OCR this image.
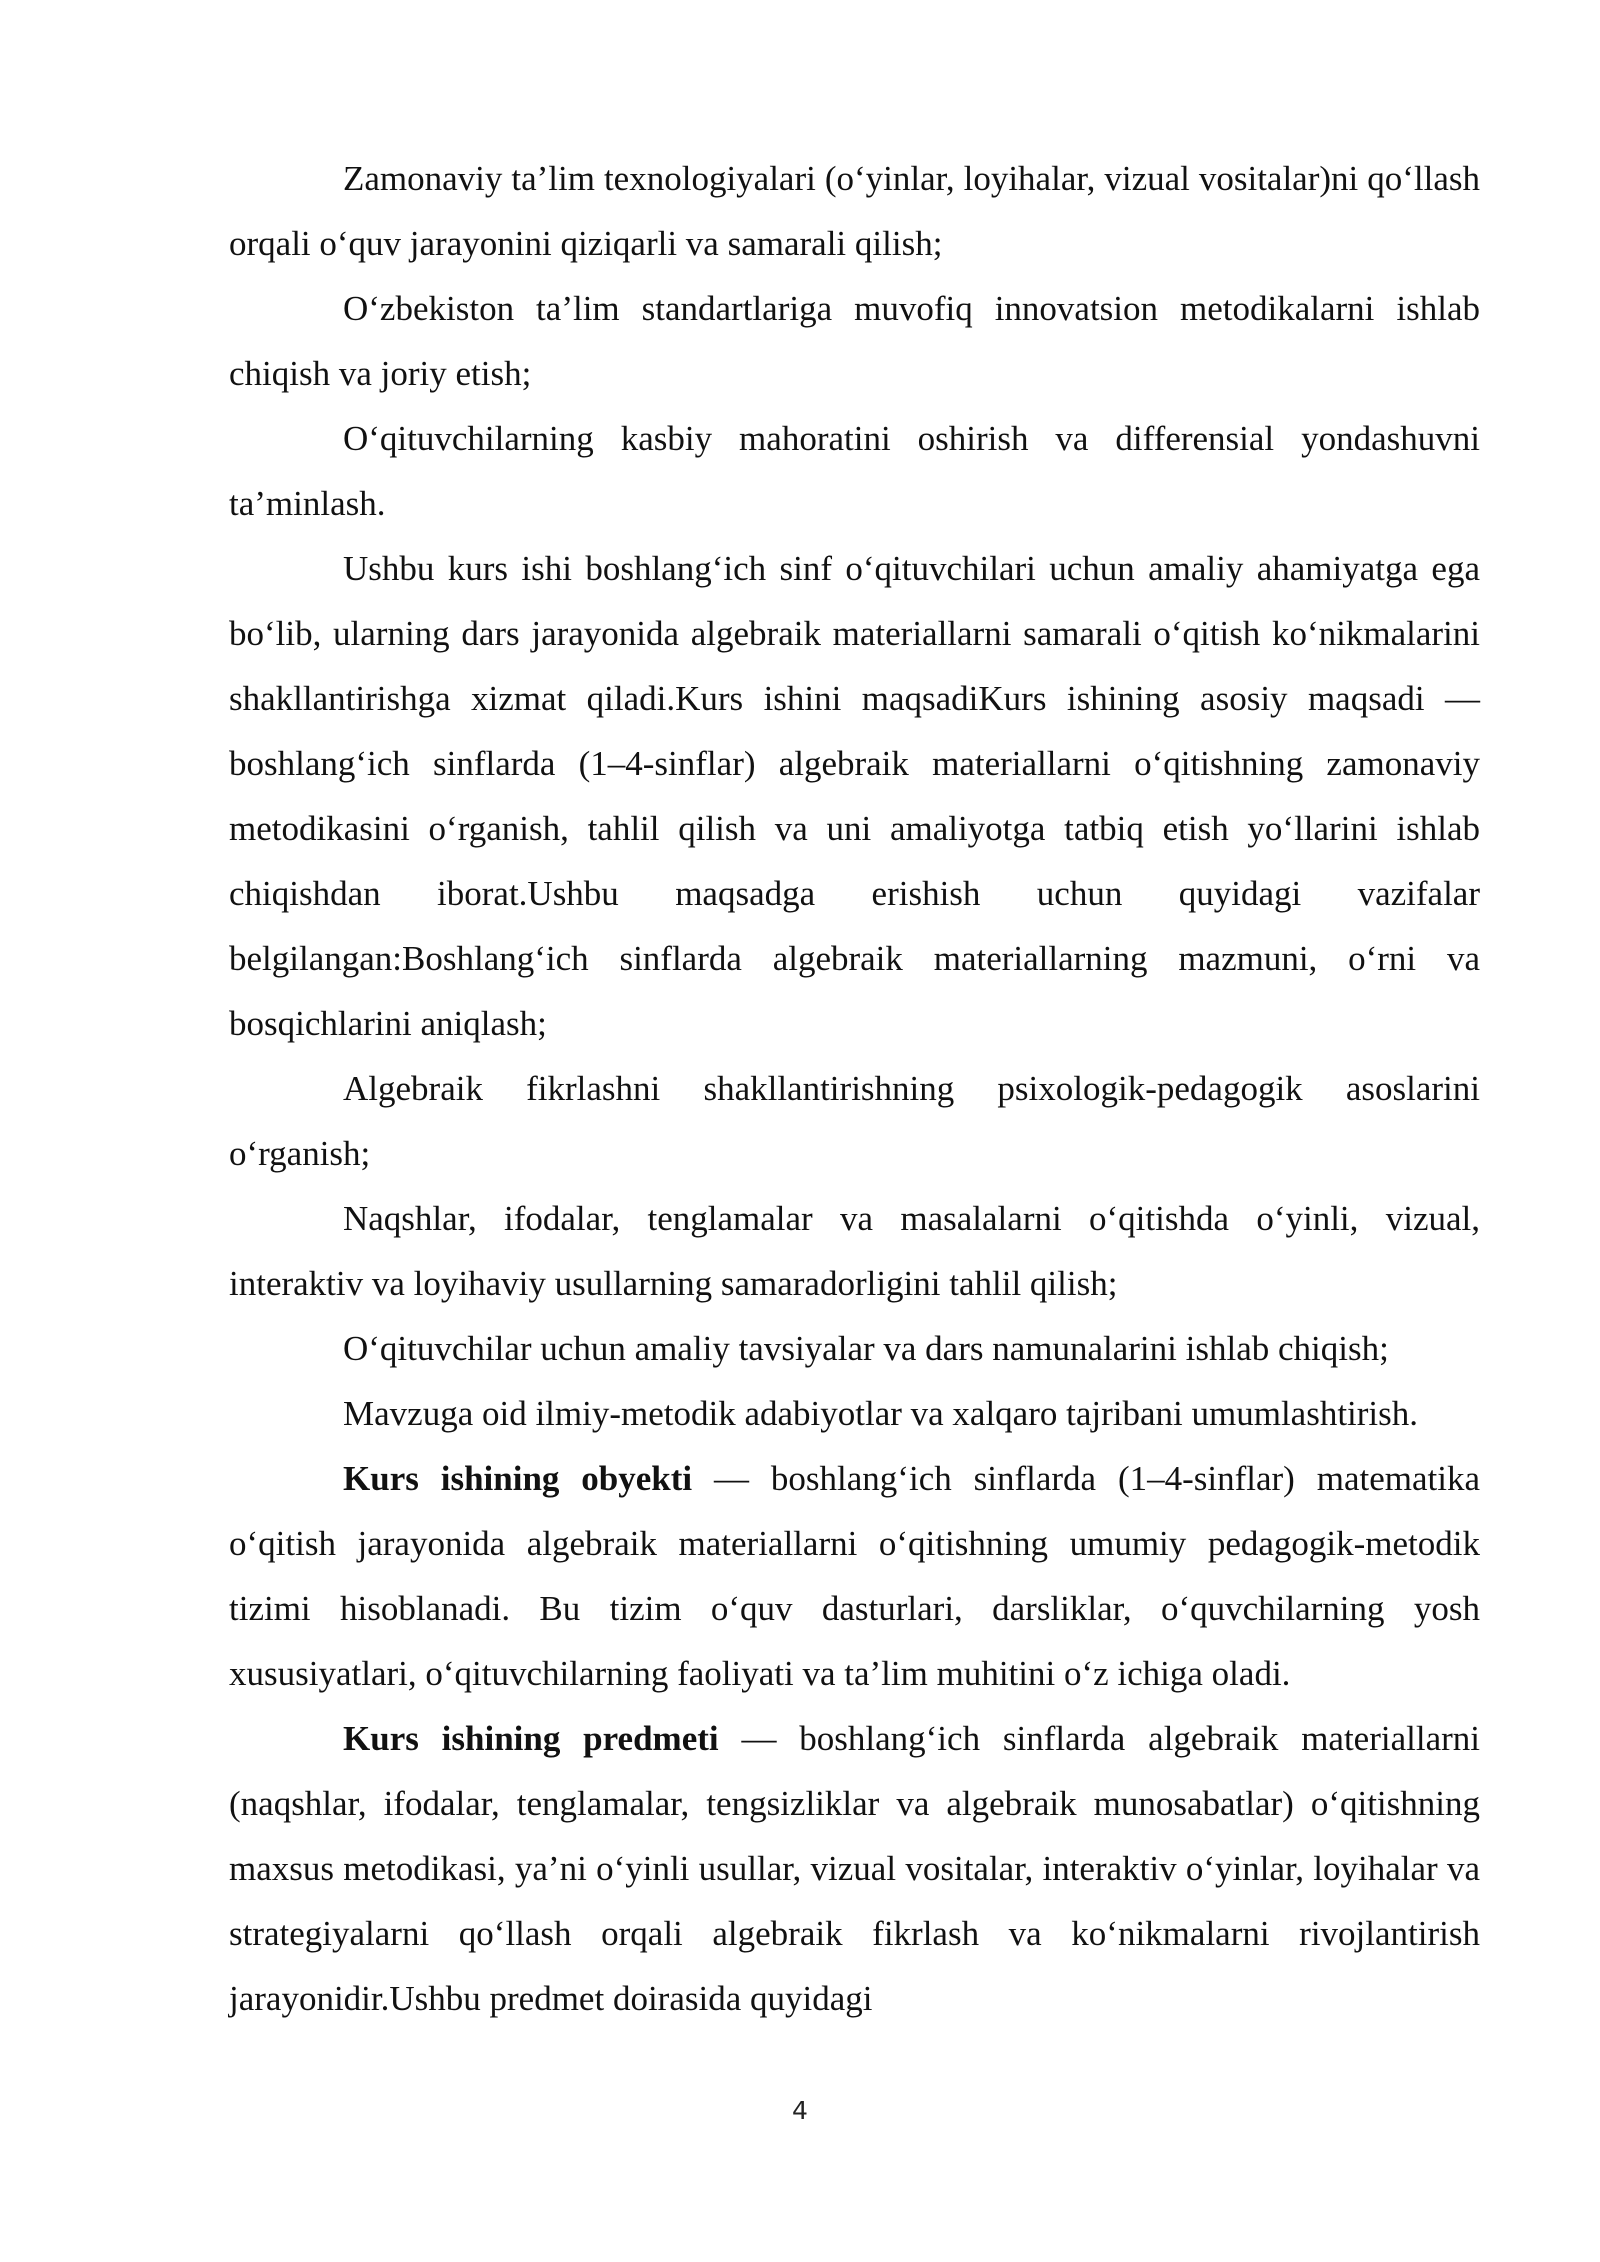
Zamonaviy ta’lim texnologiyalari (o‘yinlar, loyihalar, vizual vositalar)ni qo‘llash orqali o‘quv jarayonini qiziqarli va samarali qilish;

O‘zbekiston ta’lim standartlariga muvofiq innovatsion metodikalarni ishlab chiqish va joriy etish;

O‘qituvchilarning kasbiy mahoratini oshirish va differensial yondashuvni ta’minlash.

Ushbu kurs ishi boshlang‘ich sinf o‘qituvchilari uchun amaliy ahamiyatga ega bo‘lib, ularning dars jarayonida algebraik materiallarni samarali o‘qitish ko‘nikmalarini shakllantirishga xizmat qiladi.Kurs ishini maqsadiKurs ishining asosiy maqsadi — boshlang‘ich sinflarda (1–4-sinflar) algebraik materiallarni o‘qitishning zamonaviy metodikasini o‘rganish, tahlil qilish va uni amaliyotga tatbiq etish yo‘llarini ishlab chiqishdan iborat.Ushbu maqsadga erishish uchun quyidagi vazifalar belgilangan:Boshlang‘ich sinflarda algebraik materiallarning mazmuni, o‘rni va bosqichlarini aniqlash;

Algebraik fikrlashni shakllantirishning psixologik-pedagogik asoslarini o‘rganish;

Naqshlar, ifodalar, tenglamalar va masalalarni o‘qitishda o‘yinli, vizual, interaktiv va loyihaviy usullarning samaradorligini tahlil qilish;

O‘qituvchilar uchun amaliy tavsiyalar va dars namunalarini ishlab chiqish;

Mavzuga oid ilmiy-metodik adabiyotlar va xalqaro tajribani umumlashtirish.

Kurs ishining obyekti — boshlang‘ich sinflarda (1–4-sinflar) matematika o‘qitish jarayonida algebraik materiallarni o‘qitishning umumiy pedagogik-metodik tizimi hisoblanadi. Bu tizim o‘quv dasturlari, darsliklar, o‘quvchilarning yosh xususiyatlari, o‘qituvchilarning faoliyati va ta’lim muhitini o‘z ichiga oladi.

Kurs ishining predmeti — boshlang‘ich sinflarda algebraik materiallarni (naqshlar, ifodalar, tenglamalar, tengsizliklar va algebraik munosabatlar) o‘qitishning maxsus metodikasi, ya’ni o‘yinli usullar, vizual vositalar, interaktiv o‘yinlar, loyihalar va strategiyalarni qo‘llash orqali algebraik fikrlash va ko‘nikmalarni rivojlantirish jarayonidir.Ushbu predmet doirasida quyidagi

4
